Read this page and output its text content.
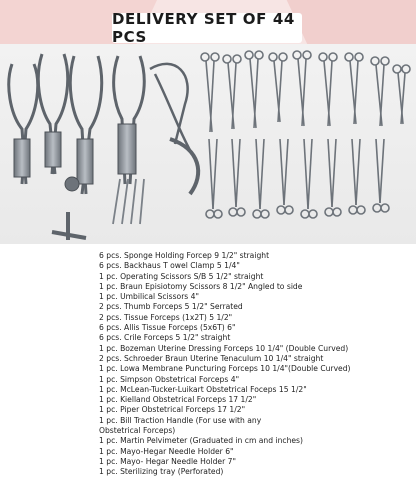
DELIVERY SET OF 44 PCS
6 pcs. Sponge Holding Forcep 9 1/2" straight
6 pcs. Backhaus T owel Clamp 5 1/4"
1 pc. Operating Scissors S/B 5 1/2" straight
1 pc. Braun Episiotomy Scissors 8 1/2" Angled to side
1 pc. Umbilical Scissors 4"
2 pcs. Thumb Forceps 5 1/2" Serrated
2 pcs. Tissue Forceps (1x2T) 5 1/2"
6 pcs. Allis Tissue Forceps (5x6T) 6"
6 pcs. Crile Forceps 5 1/2" straight
1 pc. Bozeman Uterine Dressing Forceps 10 1/4" (Double Curved)
2 pcs. Schroeder Braun Uterine Tenaculum 10 1/4" straight
1 pc. Lowa Membrane Puncturing Forceps 10 1/4"(Double Curved)
1 pc. Simpson Obstetrical Forceps 4"
1 pc. McLean-Tucker-Luikart Obstetrical Foceps 15 1/2"
1 pc. Kielland Obstetrical Forceps 17 1/2"
1 pc. Piper Obstetrical Forceps 17 1/2"
1 pc. Bill Traction Handle (For use with any
Obstetrical Forceps)
1 pc. Martin Pelvimeter (Graduated in cm and inches)
1 pc. Mayo-Hegar Needle Holder 6"
1 pc. Mayo- Hegar Needle Holder 7"
1 pc. Sterilizing tray (Perforated)
